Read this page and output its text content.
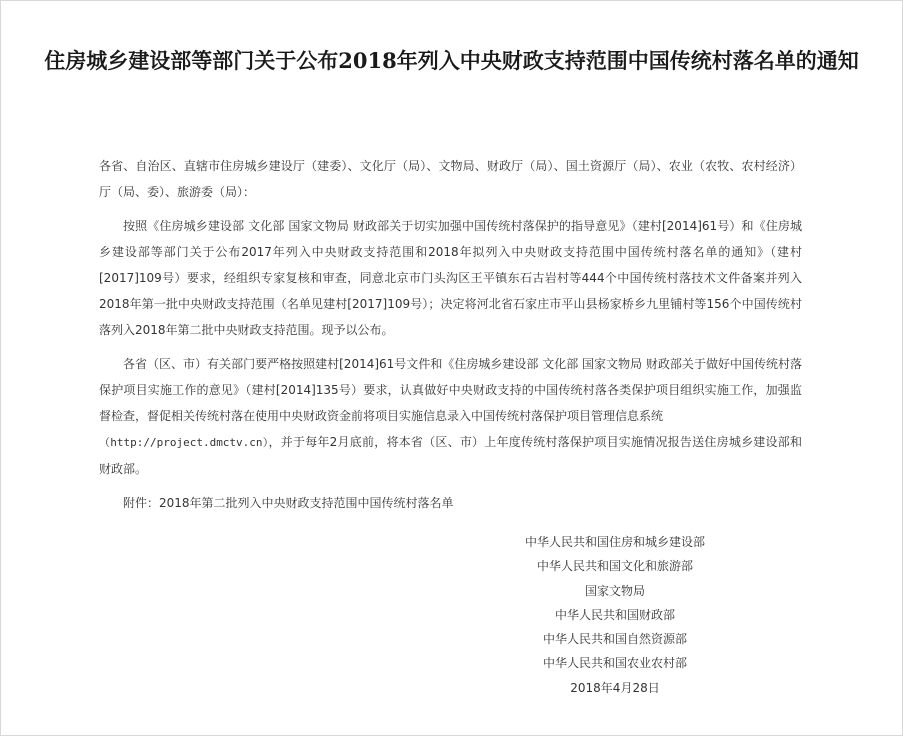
住房城乡建设部等部门关于公布2018年列入中央财政支持范围中国传统村落名单的通知

各省、自治区、直辖市住房城乡建设厅（建委）、文化厅（局）、文物局、财政厅（局）、国土资源厅（局）、农业（农牧、农村经济）厅（局、委）、旅游委（局）：

按照《住房城乡建设部 文化部 国家文物局 财政部关于切实加强中国传统村落保护的指导意见》（建村[2014]61号）和《住房城乡建设部等部门关于公布2017年列入中央财政支持范围和2018年拟列入中央财政支持范围中国传统村落名单的通知》（建村[2017]109号）要求，经组织专家复核和审查，同意北京市门头沟区王平镇东石古岩村等444个中国传统村落技术文件备案并列入2018年第一批中央财政支持范围（名单见建村[2017]109号）；决定将河北省石家庄市平山县杨家桥乡九里铺村等156个中国传统村落列入2018年第二批中央财政支持范围。现予以公布。

各省（区、市）有关部门要严格按照建村[2014]61号文件和《住房城乡建设部 文化部 国家文物局 财政部关于做好中国传统村落保护项目实施工作的意见》（建村[2014]135号）要求，认真做好中央财政支持的中国传统村落各类保护项目组织实施工作，加强监督检查，督促相关传统村落在使用中央财政资金前将项目实施信息录入中国传统村落保护项目管理信息系统
（http://project.dmctv.cn），并于每年2月底前，将本省（区、市）上年度传统村落保护项目实施情况报告送住房城乡建设部和财政部。

附件：2018年第二批列入中央财政支持范围中国传统村落名单

中华人民共和国住房和城乡建设部
中华人民共和国文化和旅游部
国家文物局
中华人民共和国财政部
中华人民共和国自然资源部
中华人民共和国农业农村部
2018年4月28日
